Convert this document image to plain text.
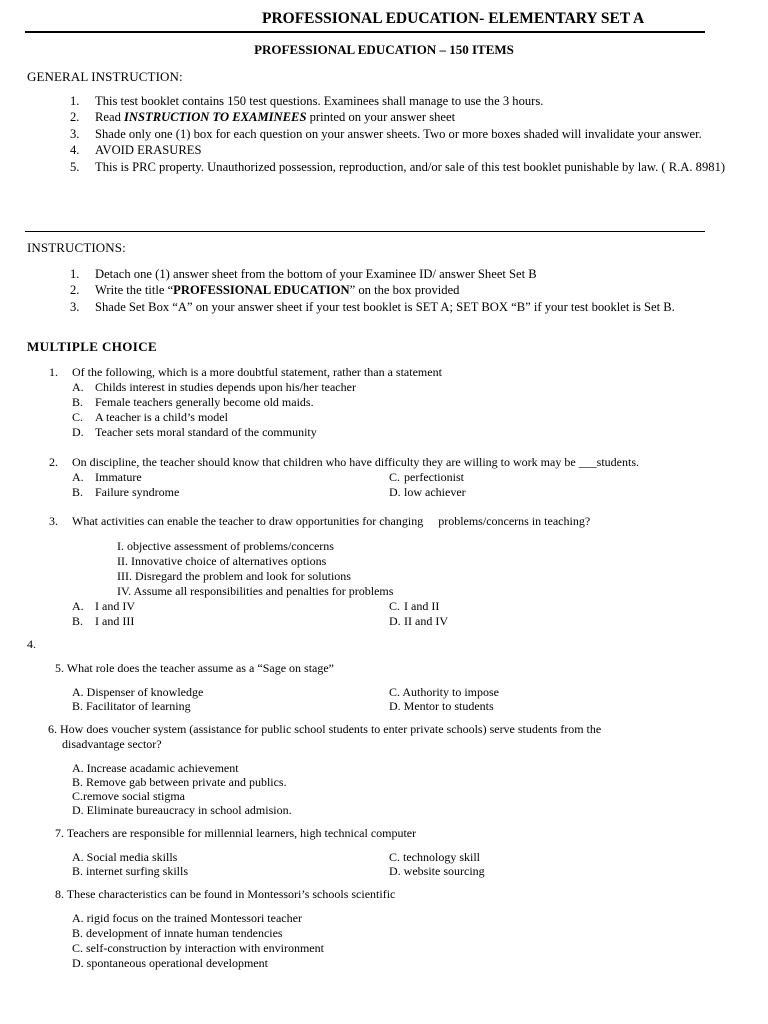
PROFESSIONAL EDUCATION- ELEMENTARY SET A
PROFESSIONAL EDUCATION – 150 ITEMS
GENERAL INSTRUCTION:
1. This test booklet contains 150 test questions. Examinees shall manage to use the 3 hours.
2. Read INSTRUCTION TO EXAMINEES printed on your answer sheet
3. Shade only one (1) box for each question on your answer sheets. Two or more boxes shaded will invalidate your answer.
4. AVOID ERASURES
5. This is PRC property. Unauthorized possession, reproduction, and/or sale of this test booklet punishable by law. ( R.A. 8981)
INSTRUCTIONS:
1. Detach one (1) answer sheet from the bottom of your Examinee ID/ answer Sheet Set B
2. Write the title “PROFESSIONAL EDUCATION” on the box provided
3. Shade Set Box “A” on your answer sheet if your test booklet is SET A; SET BOX “B” if your test booklet is Set B.
MULTIPLE CHOICE
1. Of the following, which is a more doubtful statement, rather than a statement
A. Childs interest in studies depends upon his/her teacher
B. Female teachers generally become old maids.
C. A teacher is a child’s model
D. Teacher sets moral standard of the community
2. On discipline, the teacher should know that children who have difficulty they are willing to work may be ___students.
A. Immature
B. Failure syndrome
C. perfectionist
D. low achiever
3. What activities can enable the teacher to draw opportunities for changing     problems/concerns in teaching?
I. objective assessment of problems/concerns
II. Innovative choice of alternatives options
III. Disregard the problem and look for solutions
IV. Assume all responsibilities and penalties for problems
A. I and IV
B. I and III
C. I and II
D. II and IV
4.
5. What role does the teacher assume as a “Sage on stage”
A. Dispenser of knowledge
B. Facilitator of learning
C. Authority to impose
D. Mentor to students
6. How does voucher system (assistance for public school students to enter private schools) serve students from the
disadvantage sector?
A. Increase acadamic achievement
B. Remove gab between private and publics.
C.remove social stigma
D. Eliminate bureaucracy in school admision.
7. Teachers are responsible for millennial learners, high technical computer
A. Social media skills
B. internet surfing skills
C. technology skill
D. website sourcing
8. These characteristics can be found in Montessori’s schools scientific
A. rigid focus on the trained Montessori teacher
B. development of innate human tendencies
C. self-construction by interaction with environment
D. spontaneous operational development
